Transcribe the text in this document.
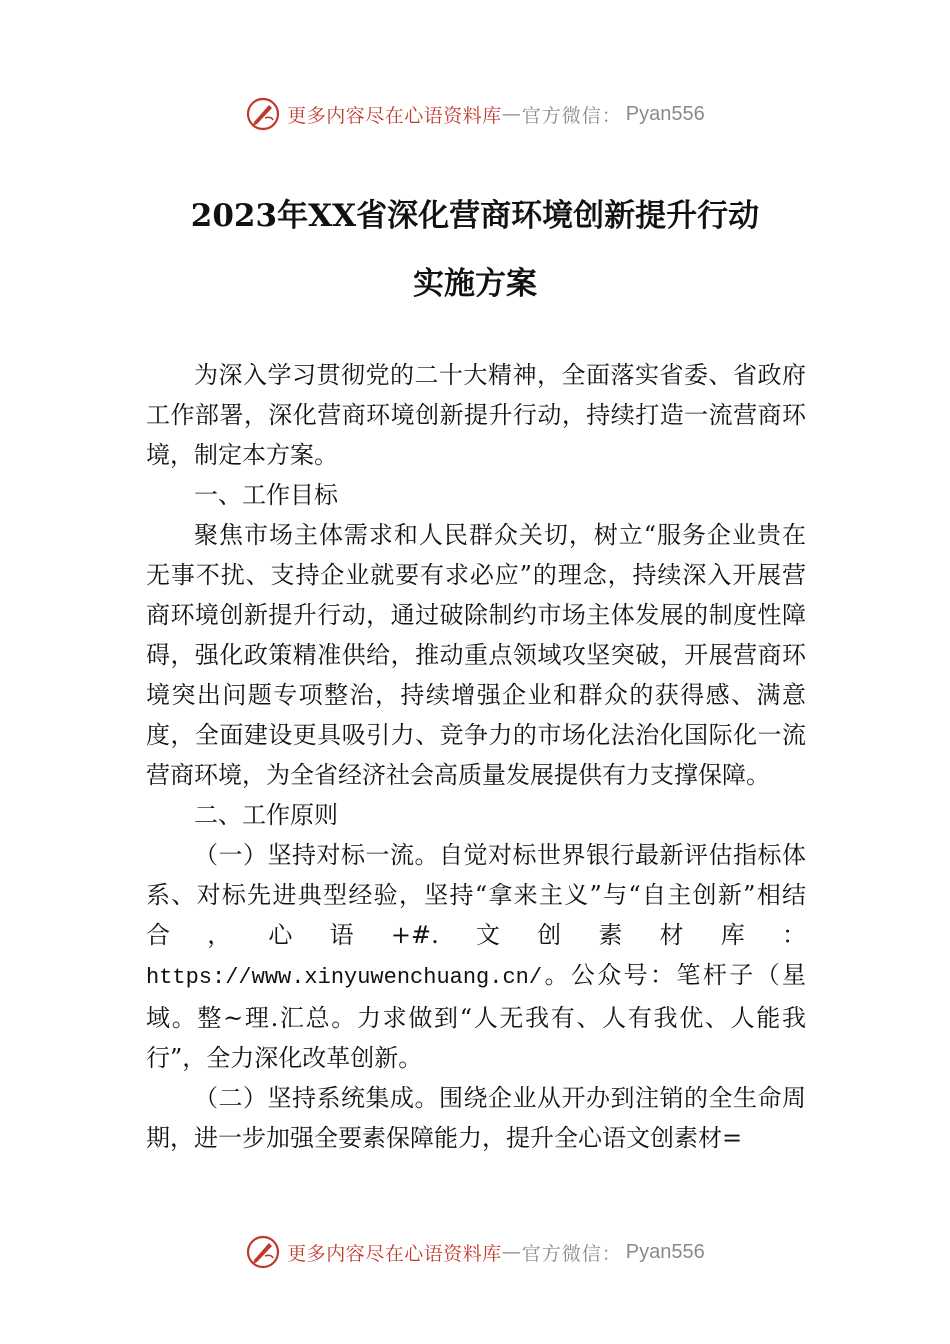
更多内容尽在心语资料库 — 官方微信： Pyan556
2023年XX省深化营商环境创新提升行动
实施方案

为深入学习贯彻党的二十大精神，全面落实省委、省政府工作部署，深化营商环境创新提升行动，持续打造一流营商环境，制定本方案。

一、工作目标

聚焦市场主体需求和人民群众关切，树立“服务企业贵在无事不扰、支持企业就要有求必应”的理念，持续深入开展营商环境创新提升行动，通过破除制约市场主体发展的制度性障碍，强化政策精准供给，推动重点领域攻坚突破，开展营商环境突出问题专项整治，持续增强企业和群众的获得感、满意度，全面建设更具吸引力、竞争力的市场化法治化国际化一流营商环境，为全省经济社会高质量发展提供有力支撑保障。

二、工作原则

（一）坚持对标一流。自觉对标世界银行最新评估指标体系、对标先进典型经验，坚持“拿来主义”与“自主创新”相结合，心语+#.文创素材库：https://www.xinyuwenchuang.cn/。公众号：笔杆子（星域。整~理.汇总。力求做到“人无我有、人有我优、人能我行”，全力深化改革创新。

（二）坚持系统集成。围绕企业从开办到注销的全生命周期，进一步加强全要素保障能力，提升全心语文创素材=

更多内容尽在心语资料库 — 官方微信： Pyan556
